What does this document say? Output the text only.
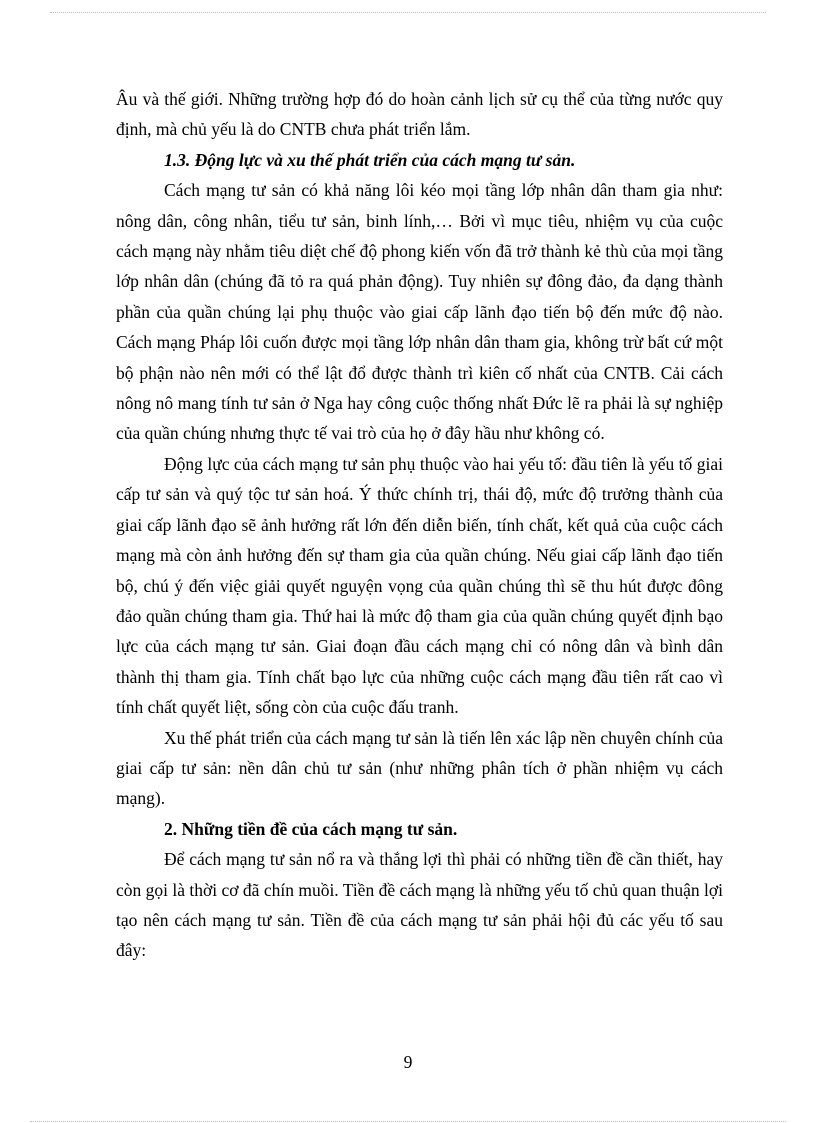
Âu và thế giới. Những trường hợp đó do hoàn cảnh lịch sử cụ thể của từng nước quy định, mà chủ yếu là do CNTB chưa phát triển lắm.

1.3. Động lực và xu thế phát triển của cách mạng tư sản.

Cách mạng tư sản có khả năng lôi kéo mọi tầng lớp nhân dân tham gia như: nông dân, công nhân, tiểu tư sản, binh lính,… Bởi vì mục tiêu, nhiệm vụ của cuộc cách mạng này nhằm tiêu diệt chế độ phong kiến vốn đã trở thành kẻ thù của mọi tầng lớp nhân dân (chúng đã tỏ ra quá phản động). Tuy nhiên sự đông đảo, đa dạng thành phần của quần chúng lại phụ thuộc vào giai cấp lãnh đạo tiến bộ đến mức độ nào. Cách mạng Pháp lôi cuốn được mọi tầng lớp nhân dân tham gia, không trừ bất cứ một bộ phận nào nên mới có thể lật đổ được thành trì kiên cố nhất của CNTB. Cải cách nông nô mang tính tư sản ở Nga hay công cuộc thống nhất Đức lẽ ra phải là sự nghiệp của quần chúng nhưng thực tế vai trò của họ ở đây hầu như không có.

Động lực của cách mạng tư sản phụ thuộc vào hai yếu tố: đầu tiên là yếu tố giai cấp tư sản và quý tộc tư sản hoá. Ý thức chính trị, thái độ, mức độ trưởng thành của giai cấp lãnh đạo sẽ ảnh hưởng rất lớn đến diễn biến, tính chất, kết quả của cuộc cách mạng mà còn ảnh hưởng đến sự tham gia của quần chúng. Nếu giai cấp lãnh đạo tiến bộ, chú ý đến việc giải quyết nguyện vọng của quần chúng thì sẽ thu hút được đông đảo quần chúng tham gia. Thứ hai là mức độ tham gia của quần chúng quyết định bạo lực của cách mạng tư sản. Giai đoạn đầu cách mạng chỉ có nông dân và bình dân thành thị tham gia. Tính chất bạo lực của những cuộc cách mạng đầu tiên rất cao vì tính chất quyết liệt, sống còn của cuộc đấu tranh.

Xu thế phát triển của cách mạng tư sản là tiến lên xác lập nền chuyên chính của giai cấp tư sản: nền dân chủ tư sản (như những phân tích ở phần nhiệm vụ cách mạng).

2. Những tiền đề của cách mạng tư sản.

Để cách mạng tư sản nổ ra và thắng lợi thì phải có những tiền đề cần thiết, hay còn gọi là thời cơ đã chín muồi. Tiền đề cách mạng là những yếu tố chủ quan thuận lợi tạo nên cách mạng tư sản. Tiền đề của cách mạng tư sản phải hội đủ các yếu tố sau đây:

9
